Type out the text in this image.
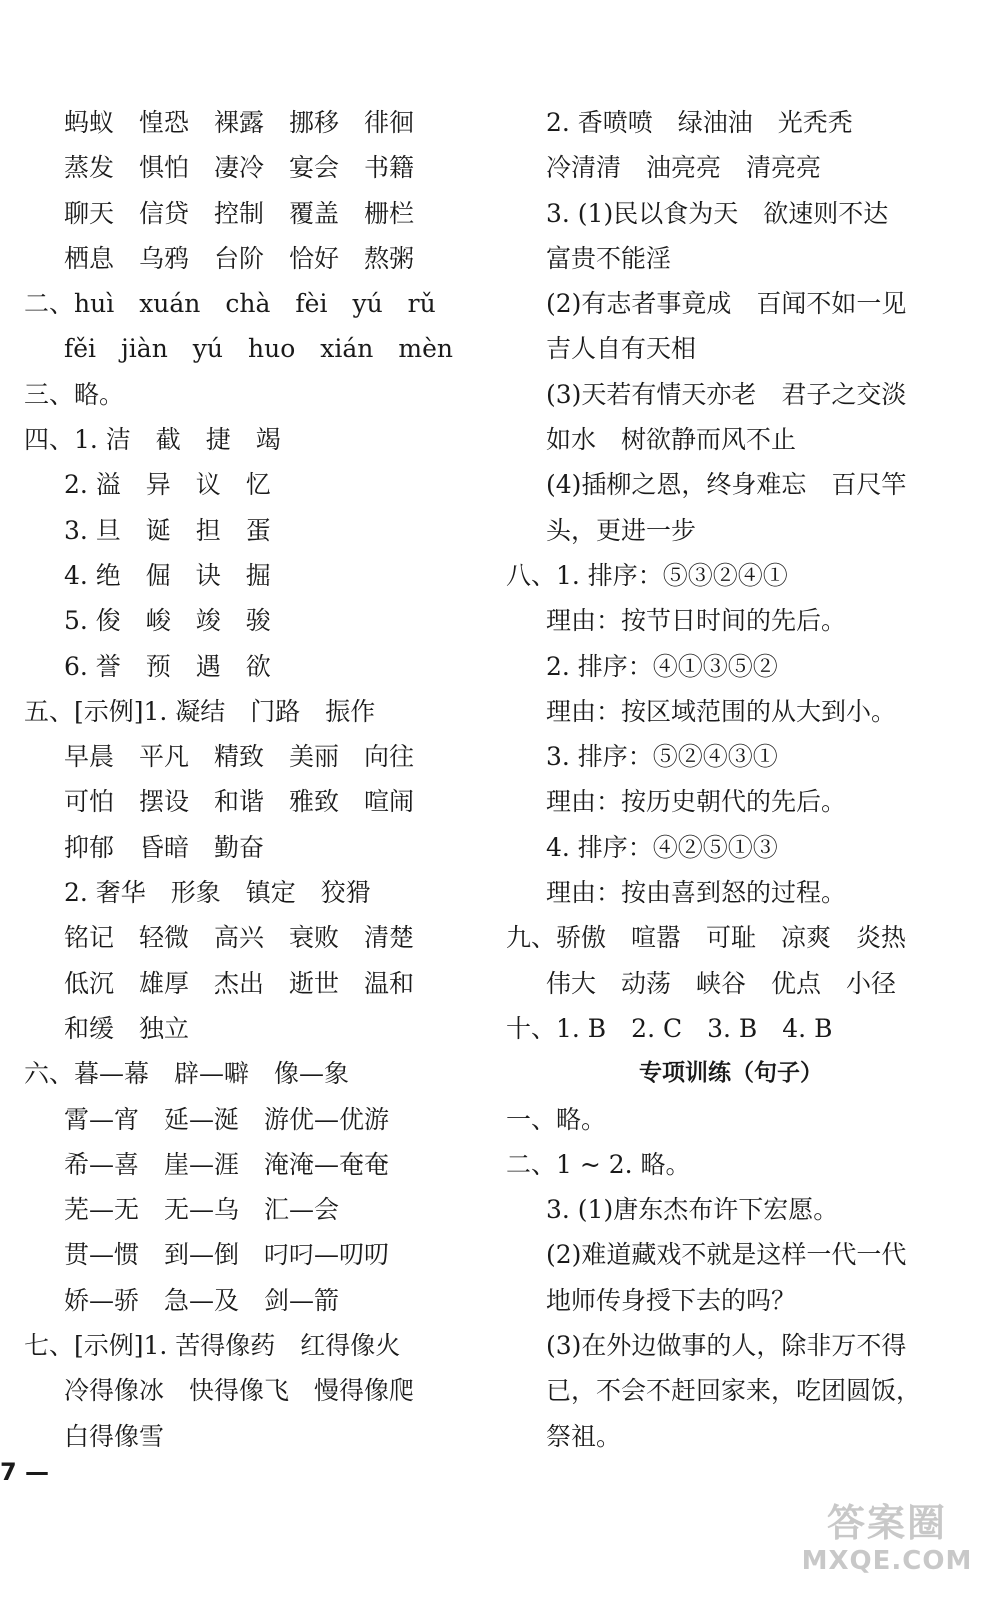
蚂蚁　惶恐　裸露　挪移　徘徊
蒸发　惧怕　凄冷　宴会　书籍
聊天　信贷　控制　覆盖　栅栏
栖息　乌鸦　台阶　恰好　熬粥
二、huì　xuán　chà　fèi　yú　rǔ
fěi　jiàn　yú　huo　xián　mèn
三、略。
四、1. 洁　截　捷　竭
2. 溢　异　议　忆
3. 旦　诞　担　蛋
4. 绝　倔　诀　掘
5. 俊　峻　竣　骏
6. 誉　预　遇　欲
五、[示例]1. 凝结　门路　振作
早晨　平凡　精致　美丽　向往
可怕　摆设　和谐　雅致　喧闹
抑郁　昏暗　勤奋
2. 奢华　形象　镇定　狡猾
铭记　轻微　高兴　衰败　清楚
低沉　雄厚　杰出　逝世　温和
和缓　独立
六、暮—幕　辟—噼　像—象
霄—宵　延—涎　游优—优游
希—喜　崖—涯　淹淹—奄奄
芜—无　无—乌　汇—会
贯—惯　到—倒　叼叼—叨叨
娇—骄　急—及　剑—箭
七、[示例]1. 苦得像药　红得像火
冷得像冰　快得像飞　慢得像爬
白得像雪
2. 香喷喷　绿油油　光秃秃
冷清清　油亮亮　清亮亮
3. (1)民以食为天　欲速则不达
富贵不能淫
(2)有志者事竟成　百闻不如一见
吉人自有天相
(3)天若有情天亦老　君子之交淡
如水　树欲静而风不止
(4)插柳之恩，终身难忘　百尺竿
头，更进一步
八、1. 排序：⑤③②④①
理由：按节日时间的先后。
2. 排序：④①③⑤②
理由：按区域范围的从大到小。
3. 排序：⑤②④③①
理由：按历史朝代的先后。
4. 排序：④②⑤①③
理由：按由喜到怒的过程。
九、骄傲　喧嚣　可耻　凉爽　炎热
伟大　动荡　峡谷　优点　小径
十、1. B　2. C　3. B　4. B
专项训练（句子）
一、略。
二、1 ~ 2. 略。
3. (1)唐东杰布许下宏愿。
(2)难道藏戏不就是这样一代一代
地师传身授下去的吗？
(3)在外边做事的人，除非万不得
已，不会不赶回家来，吃团圆饭，
祭祖。
7 —
答案圈
MXQE.COM
